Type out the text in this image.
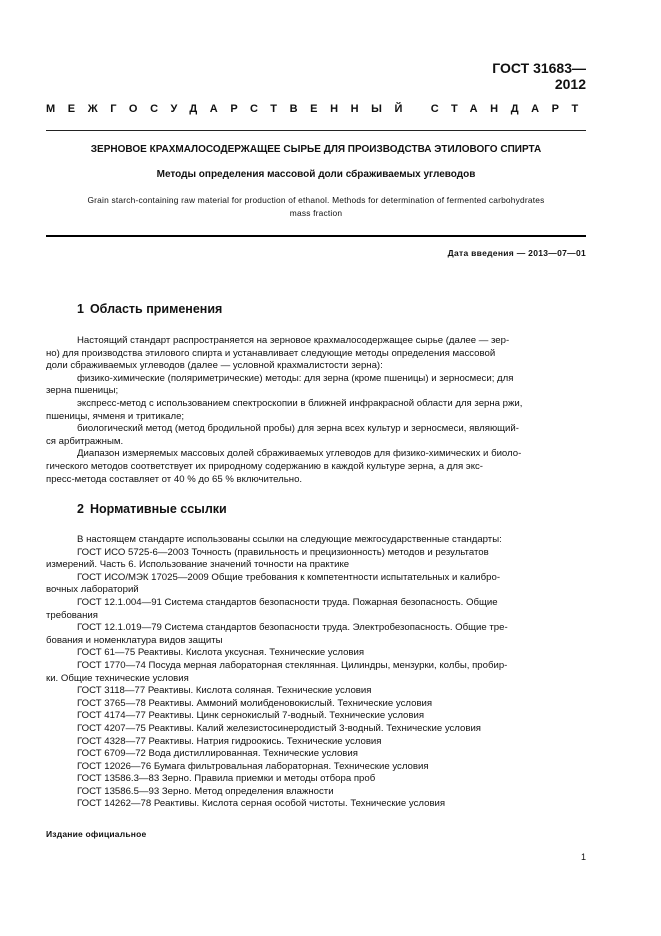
ГОСТ 31683—2012
МЕЖГОСУДАРСТВЕННЫЙ СТАНДАРТ
ЗЕРНОВОЕ КРАХМАЛОСОДЕРЖАЩЕЕ СЫРЬЕ ДЛЯ ПРОИЗВОДСТВА ЭТИЛОВОГО СПИРТА
Методы определения массовой доли сбраживаемых углеводов
Grain starch-containing raw material for production of ethanol. Methods for determination of fermented carbohydrates
mass fraction
Дата введения — 2013—07—01
1 Область применения

Настоящий стандарт распространяется на зерновое крахмалосодержащее сырье (далее — зер-

но) для производства этилового спирта и устанавливает следующие методы определения массовой

доли сбраживаемых углеводов (далее — условной крахмалистости зерна):

физико-химические (поляриметрические) методы: для зерна (кроме пшеницы) и зерносмеси; для

зерна пшеницы;

экспресс-метод с использованием спектроскопии в ближней инфракрасной области для зерна ржи,

пшеницы, ячменя и тритикале;

биологический метод (метод бродильной пробы) для зерна всех культур и зерносмеси, являющий-

ся арбитражным.

Диапазон измеряемых массовых долей сбраживаемых углеводов для физико-химических и биоло-

гического методов соответствует их природному содержанию в каждой культуре зерна, а для экс-

пресс-метода составляет от 40 % до 65 % включительно.

2 Нормативные ссылки

В настоящем стандарте использованы ссылки на следующие межгосударственные стандарты:

ГОСТ ИСО 5725-6—2003 Точность (правильность и прецизионность) методов и результатов

измерений. Часть 6. Использование значений точности на практике

ГОСТ ИСО/МЭК 17025—2009 Общие требования к компетентности испытательных и калибро-

вочных лабораторий

ГОСТ 12.1.004—91 Система стандартов безопасности труда. Пожарная безопасность. Общие

требования

ГОСТ 12.1.019—79 Система стандартов безопасности труда. Электробезопасность. Общие тре-

бования и номенклатура видов защиты

ГОСТ 61—75 Реактивы. Кислота уксусная. Технические условия

ГОСТ 1770—74 Посуда мерная лабораторная стеклянная. Цилиндры, мензурки, колбы, пробир-

ки. Общие технические условия

ГОСТ 3118—77 Реактивы. Кислота соляная. Технические условия

ГОСТ 3765—78 Реактивы. Аммоний молибденовокислый. Технические условия

ГОСТ 4174—77 Реактивы. Цинк сернокислый 7-водный. Технические условия

ГОСТ 4207—75 Реактивы. Калий железистосинеродистый 3-водный. Технические условия

ГОСТ 4328—77 Реактивы. Натрия гидроокись. Технические условия

ГОСТ 6709—72 Вода дистиллированная. Технические условия

ГОСТ 12026—76 Бумага фильтровальная лабораторная. Технические условия

ГОСТ 13586.3—83 Зерно. Правила приемки и методы отбора проб

ГОСТ 13586.5—93 Зерно. Метод определения влажности

ГОСТ 14262—78 Реактивы. Кислота серная особой чистоты. Технические условия

Издание официальное
1
